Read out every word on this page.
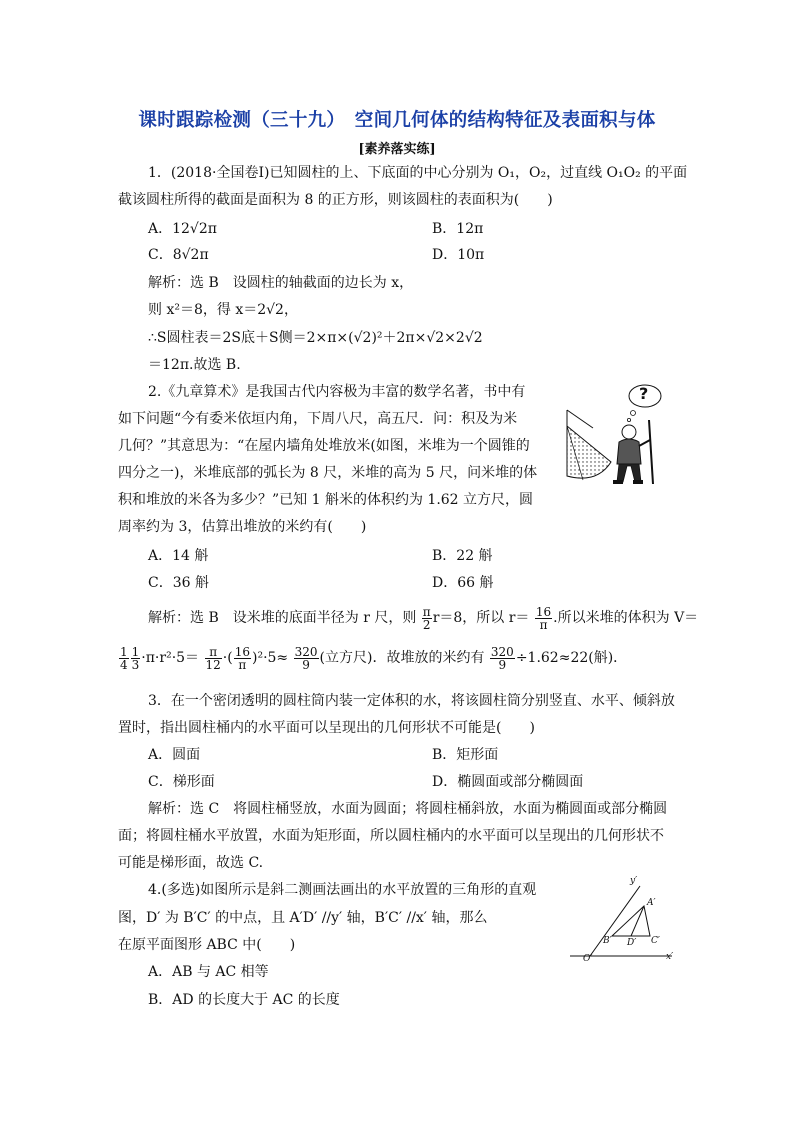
课时跟踪检测（三十九）　空间几何体的结构特征及表面积与体
[素养落实练]
1．(2018·全国卷Ⅰ)已知圆柱的上、下底面的中心分别为 O₁，O₂，过直线 O₁O₂ 的平面
截该圆柱所得的截面是面积为 8 的正方形，则该圆柱的表面积为(　　)
A．12√2π	B．12π
C．8√2π	D．10π
解析：选 B　设圆柱的轴截面的边长为 x，
则 x²＝8，得 x＝2√2，
∴S圆柱表＝2S底＋S侧＝2×π×(√2)²＋2π×√2×2√2
＝12π.故选 B.
2.《九章算术》是我国古代内容极为丰富的数学名著，书中有
如下问题“今有委米依垣内角，下周八尺，高五尺．问：积及为米
几何？”其意思为：“在屋内墙角处堆放米(如图，米堆为一个圆锥的
四分之一)，米堆底部的弧长为 8 尺，米堆的高为 5 尺，问米堆的体
积和堆放的米各为多少？”已知 1 斛米的体积约为 1.62 立方尺，圆
周率约为 3，估算出堆放的米约有(　　)
?
A．14 斛	B．22 斛
C．36 斛	D．66 斛
解析：选 B　设米堆的底面半径为 r 尺，则 $\frac{\pi}{2} r=8$，所以 $r= \frac{16}{\pi}$ .所以米堆的体积为 V＝
$\frac{1}{4} \frac{1}{3} \cdot\pi\cdot r^2\cdot 5= \frac{\pi}{12}$ ·( $\frac{16}{\pi} )^2\cdot 5\approx \frac{320}{9}$ (立方尺)．故堆放的米约有 $\frac{320}{9} \div 1.62\approx 22$(斛)．
3．在一个密闭透明的圆柱筒内装一定体积的水，将该圆柱筒分别竖直、水平、倾斜放
置时，指出圆柱桶内的水平面可以呈现出的几何形状不可能是(　　)
A．圆面	B．矩形面
C．梯形面	D．椭圆面或部分椭圆面
解析：选 C　将圆柱桶竖放，水面为圆面；将圆柱桶斜放，水面为椭圆面或部分椭圆
面；将圆柱桶水平放置，水面为矩形面，所以圆柱桶内的水平面可以呈现出的几何形状不
可能是梯形面，故选 C.
4.(多选)如图所示是斜二测画法画出的水平放置的三角形的直观
图，D′ 为 B′C′ 的中点，且 A′D′ //y′ 轴，B′C′ //x′ 轴，那么
在原平面图形 ABC 中(　　)
A．AB 与 AC 相等
B．AD 的长度大于 AC 的长度
y′
x′
O′
A′
B′	C′
D′
